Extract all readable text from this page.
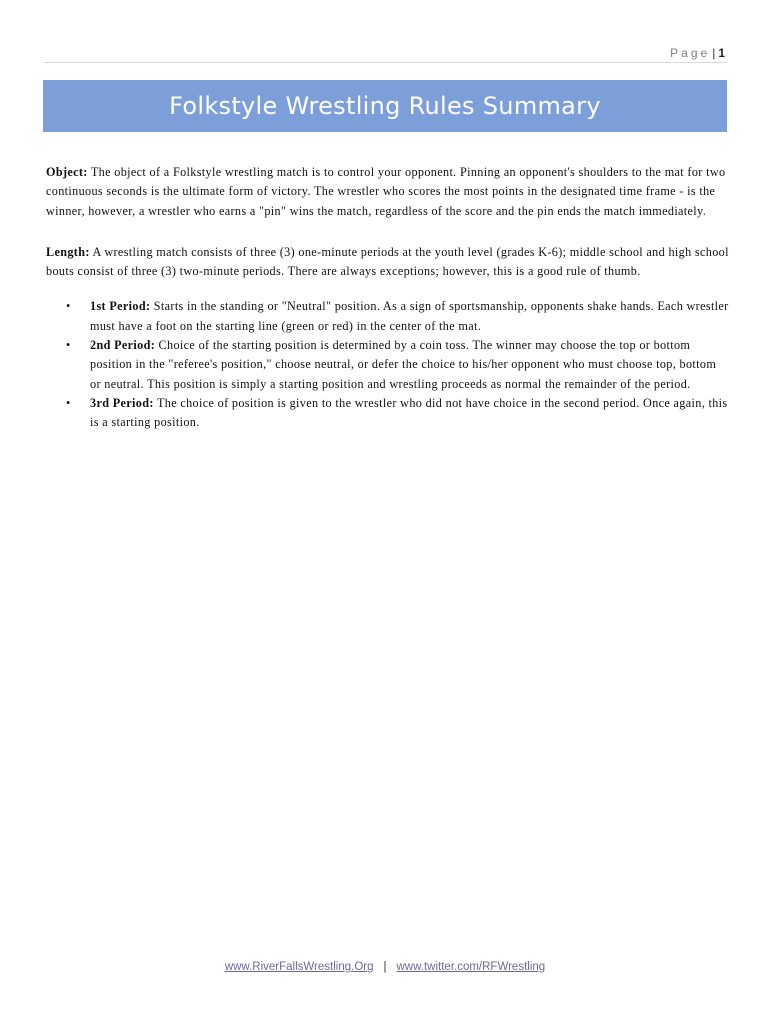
Page | 1
Folkstyle Wrestling Rules Summary

Object: The object of a Folkstyle wrestling match is to control your opponent. Pinning an opponent's shoulders to the mat for two continuous seconds is the ultimate form of victory. The wrestler who scores the most points in the designated time frame - is the winner, however, a wrestler who earns a "pin" wins the match, regardless of the score and the pin ends the match immediately.

Length: A wrestling match consists of three (3) one-minute periods at the youth level (grades K-6); middle school and high school bouts consist of three (3) two-minute periods. There are always exceptions; however, this is a good rule of thumb.

• 1st Period: Starts in the standing or "Neutral" position. As a sign of sportsmanship, opponents shake hands. Each wrestler must have a foot on the starting line (green or red) in the center of the mat.
• 2nd Period: Choice of the starting position is determined by a coin toss. The winner may choose the top or bottom position in the "referee's position," choose neutral, or defer the choice to his/her opponent who must choose top, bottom or neutral. This position is simply a starting position and wrestling proceeds as normal the remainder of the period.
• 3rd Period: The choice of position is given to the wrestler who did not have choice in the second period. Once again, this is a starting position.
www.RiverFallsWrestling.Org | www.twitter.com/RFWrestling
